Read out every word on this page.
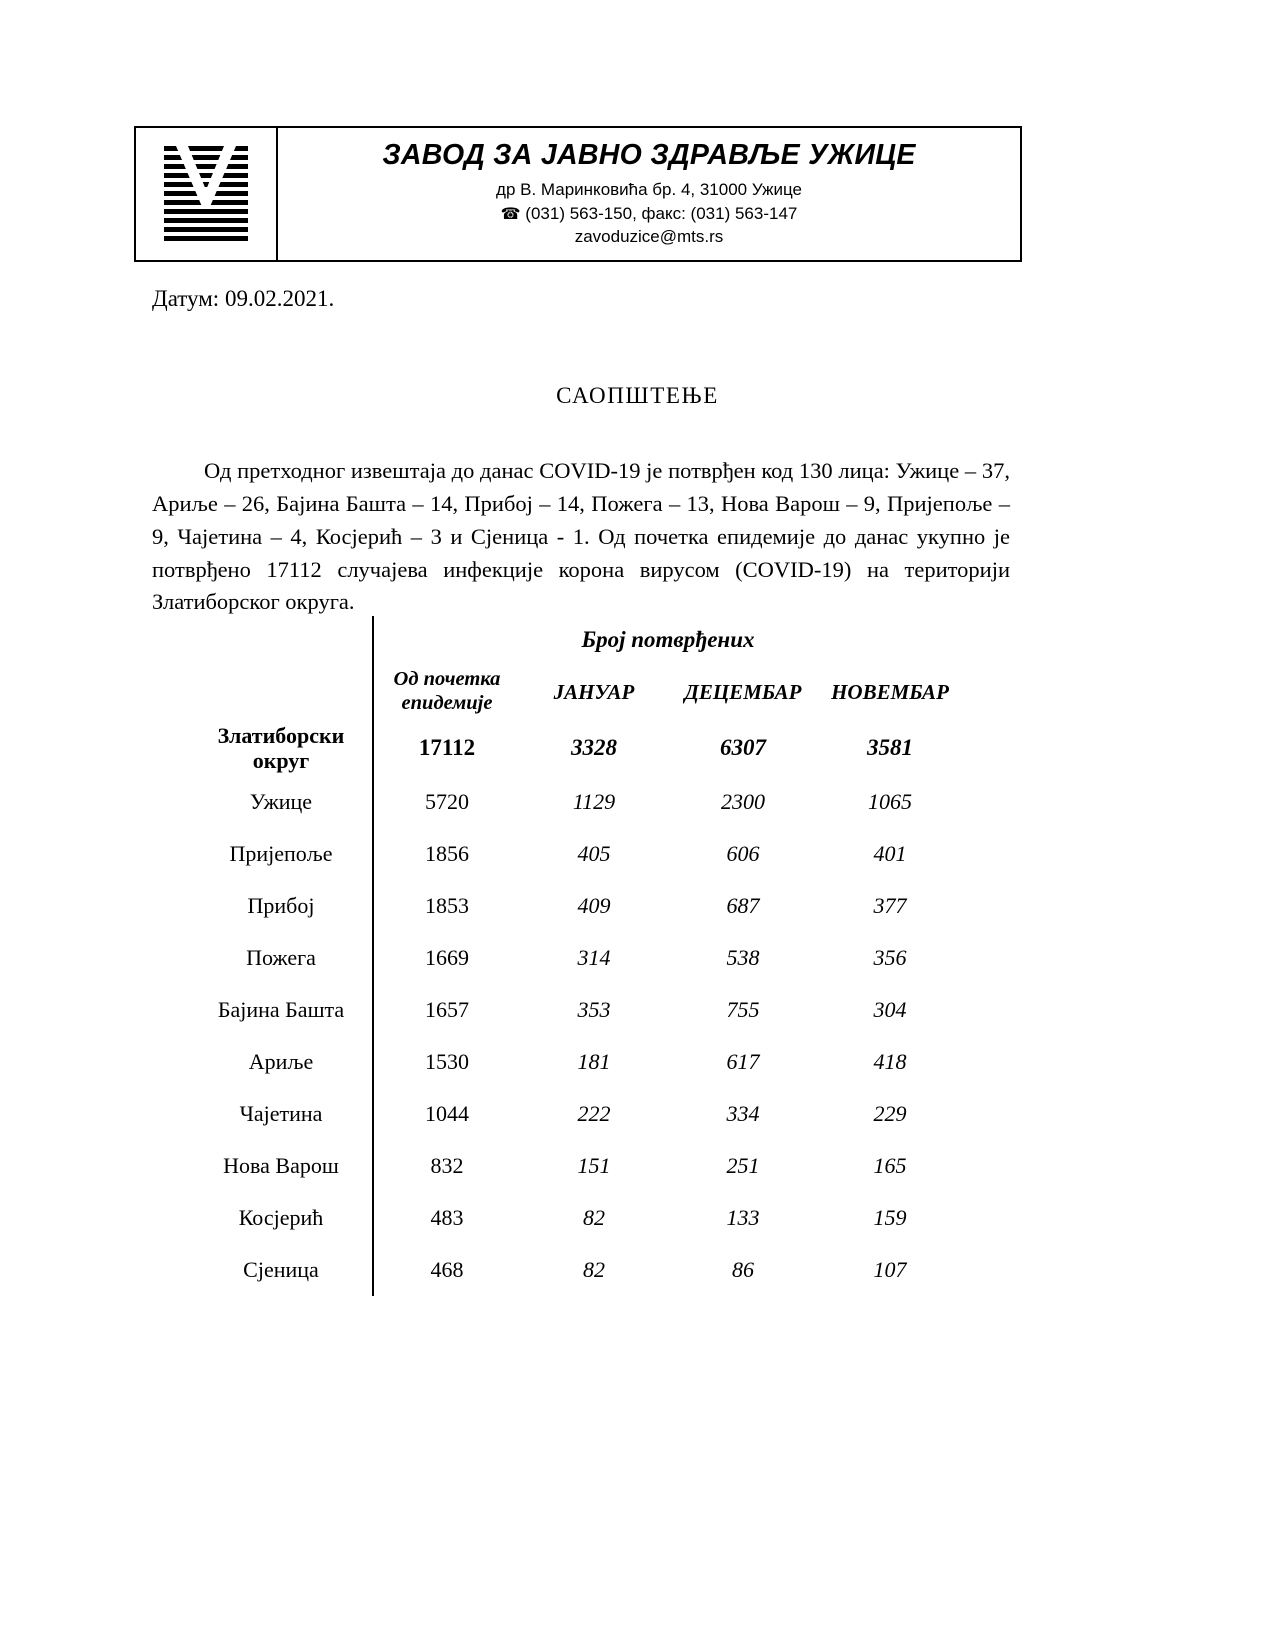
ЗАВОД ЗА ЈАВНО ЗДРАВЉЕ УЖИЦЕ
др В. Маринковића бр. 4, 31000 Ужице
☎ (031) 563-150, факс: (031) 563-147
zavoduzice@mts.rs
Датум: 09.02.2021.
САОПШТЕЊЕ
Од претходног извештаја до данас COVID-19 је потврђен код 130 лица: Ужице – 37, Ариље – 26, Бајина Башта – 14, Прибој – 14, Пожега – 13, Нова Варош – 9, Пријепоље – 9, Чајетина – 4, Косјерић – 3 и Сјеница - 1. Од почетка епидемије до данас укупно је потврђено 17112 случајева инфекције корона вирусом (COVID-19) на територији Златиборског округа.

	Број потврђених			
	Од почетка
епидемије	ЈАНУАР	ДЕЦЕМБАР	НОВЕМБАР

Златиборски
округ	17112	3328	6307	3581
Ужице	5720	1129	2300	1065
Пријепоље	1856	405	606	401
Прибој	1853	409	687	377
Пожега	1669	314	538	356
Бајина Башта	1657	353	755	304
Ариље	1530	181	617	418
Чајетина	1044	222	334	229
Нова Варош	832	151	251	165
Косјерић	483	82	133	159
Сјеница	468	82	86	107
